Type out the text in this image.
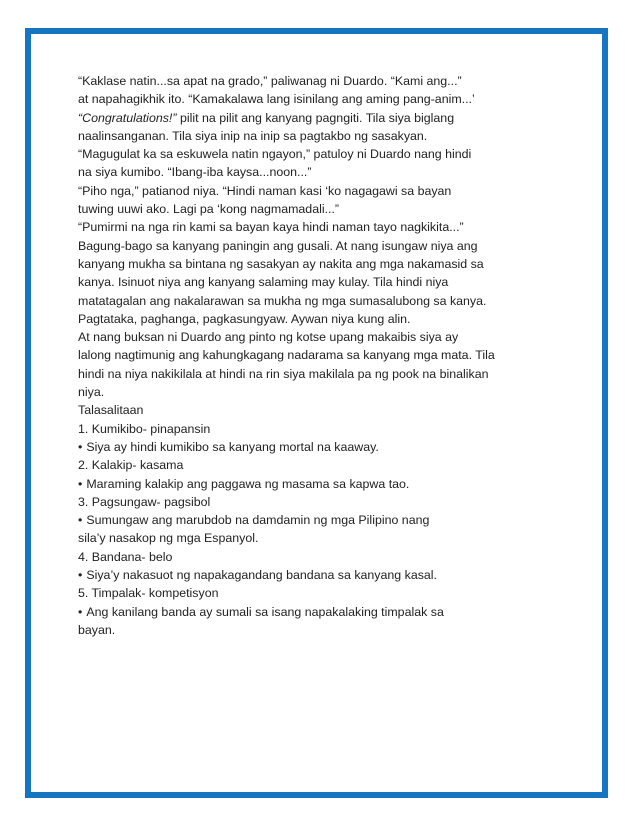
“Kaklase natin...sa apat na grado,” paliwanag ni Duardo. “Kami ang...”
at napahagikhik ito. “Kamakalawa lang isinilang ang aming pang-anim...’
“Congratulations!” pilit na pilit ang kanyang pagngiti. Tila siya biglang
naalinsanganan. Tila siya inip na inip sa pagtakbo ng sasakyan.
“Magugulat ka sa eskuwela natin ngayon,” patuloy ni Duardo nang hindi
na siya kumibo. “Ibang-iba kaysa...noon...”
“Piho nga,” patianod niya. “Hindi naman kasi ‘ko nagagawi sa bayan
tuwing uuwi ako. Lagi pa ‘kong nagmamadali...”
“Pumirmi na nga rin kami sa bayan kaya hindi naman tayo nagkikita...”
Bagung-bago sa kanyang paningin ang gusali. At nang isungaw niya ang
kanyang mukha sa bintana ng sasakyan ay nakita ang mga nakamasid sa
kanya. Isinuot niya ang kanyang salaming may kulay. Tila hindi niya
matatagalan ang nakalarawan sa mukha ng mga sumasalubong sa kanya.
Pagtataka, paghanga, pagkasungyaw. Aywan niya kung alin.
At nang buksan ni Duardo ang pinto ng kotse upang makaibis siya ay
lalong nagtimunig ang kahungkagang nadarama sa kanyang mga mata. Tila
hindi na niya nakikilala at hindi na rin siya makilala pa ng pook na binalikan
niya.
Talasalitaan
1. Kumikibo- pinapansin
• Siya ay hindi kumikibo sa kanyang mortal na kaaway.
2. Kalakip- kasama
• Maraming kalakip ang paggawa ng masama sa kapwa tao.
3. Pagsungaw- pagsibol
• Sumungaw ang marubdob na damdamin ng mga Pilipino nang
sila’y nasakop ng mga Espanyol.
4. Bandana- belo
• Siya’y nakasuot ng napakagandang bandana sa kanyang kasal.
5. Timpalak- kompetisyon
• Ang kanilang banda ay sumali sa isang napakalaking timpalak sa
bayan.
